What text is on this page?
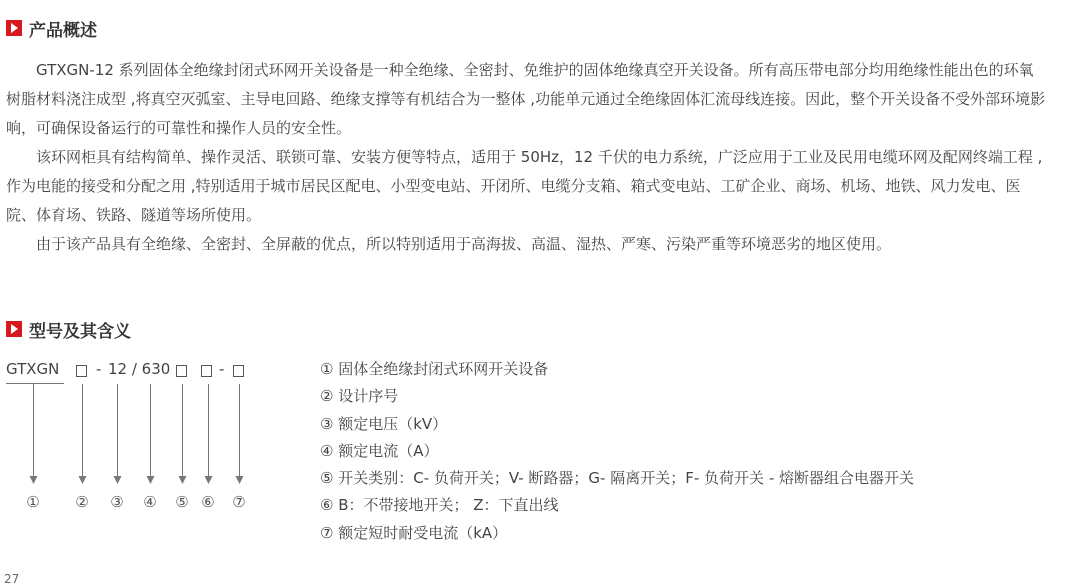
产品概述

GTXGN-12 系列固体全绝缘封闭式环网开关设备是一种全绝缘、全密封、免维护的固体绝缘真空开关设备。所有高压带电部分均用绝缘性能出色的环氧树脂材料浇注成型 ,将真空灭弧室、主导电回路、绝缘支撑等有机结合为一整体 ,功能单元通过全绝缘固体汇流母线连接。因此，整个开关设备不受外部环境影响，可确保设备运行的可靠性和操作人员的安全性。

该环网柜具有结构简单、操作灵活、联锁可靠、安装方便等特点，适用于 50Hz，12 千伏的电力系统，广泛应用于工业及民用电缆环网及配网终端工程 ,作为电能的接受和分配之用 ,特别适用于城市居民区配电、小型变电站、开闭所、电缆分支箱、箱式变电站、工矿企业、商场、机场、地铁、风力发电、医院、体育场、铁路、隧道等场所使用。

由于该产品具有全绝缘、全密封、全屏蔽的优点，所以特别适用于高海拔、高温、湿热、严寒、污染严重等环境恶劣的地区使用。

型号及其含义
GTXGN - 12 / 630	-
① ② ③ ④ ⑤ ⑥ ⑦
① 固体全绝缘封闭式环网开关设备
② 设计序号
③ 额定电压（kV）
④ 额定电流（A）
⑤ 开关类别：C- 负荷开关；V- 断路器；G- 隔离开关；F- 负荷开关 - 熔断器组合电器开关
⑥ B：不带接地开关； Z：下直出线
⑦ 额定短时耐受电流（kA）
27
